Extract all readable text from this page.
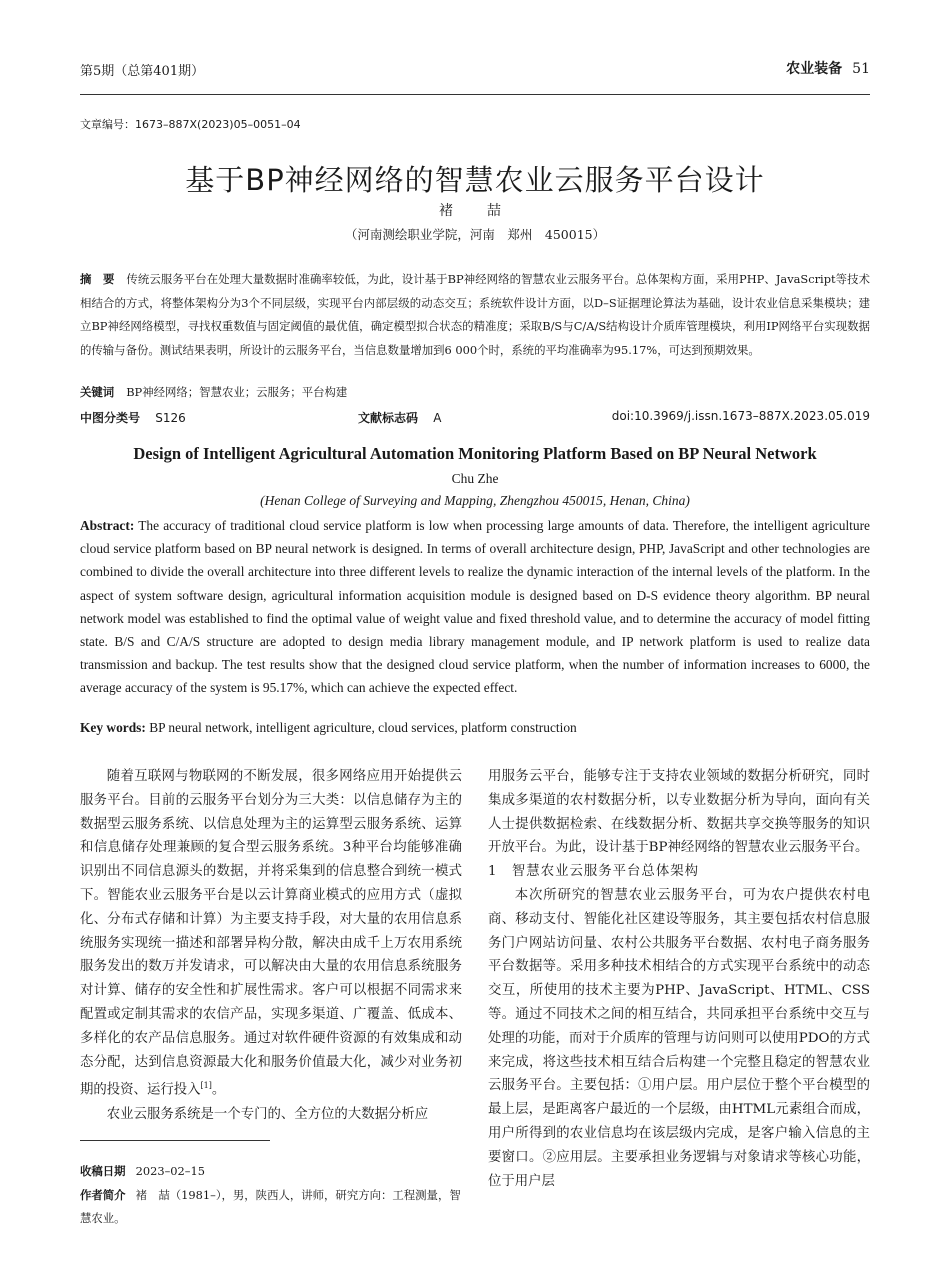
第5期（总第401期）	农业装备 51
文章编号：1673–887X(2023)05–0051–04
基于BP神经网络的智慧农业云服务平台设计
褚　喆
（河南测绘职业学院，河南　郑州　450015）
摘　要 传统云服务平台在处理大量数据时准确率较低，为此，设计基于BP神经网络的智慧农业云服务平台。总体架构方面，采用PHP、JavaScript等技术相结合的方式，将整体架构分为3个不同层级，实现平台内部层级的动态交互；系统软件设计方面，以D–S证据理论算法为基础，设计农业信息采集模块；建立BP神经网络模型，寻找权重数值与固定阈值的最优值，确定模型拟合状态的精准度；采取B/S与C/A/S结构设计介质库管理模块，利用IP网络平台实现数据的传输与备份。测试结果表明，所设计的云服务平台，当信息数量增加到6 000个时，系统的平均准确率为95.17%，可达到预期效果。
关键词 BP神经网络；智慧农业；云服务；平台构建
中图分类号 S126	文献标志码 A	doi:10.3969/j.issn.1673–887X.2023.05.019
Design of Intelligent Agricultural Automation Monitoring Platform Based on BP Neural Network
Chu Zhe
(Henan College of Surveying and Mapping, Zhengzhou 450015, Henan, China)
Abstract: The accuracy of traditional cloud service platform is low when processing large amounts of data. Therefore, the intelligent agriculture cloud service platform based on BP neural network is designed. In terms of overall architecture design, PHP, JavaScript and other technologies are combined to divide the overall architecture into three different levels to realize the dynamic interaction of the internal levels of the platform. In the aspect of system software design, agricultural information acquisition module is designed based on D-S evidence theory algorithm. BP neural network model was established to find the optimal value of weight value and fixed threshold value, and to determine the accuracy of model fitting state. B/S and C/A/S structure are adopted to design media library management module, and IP network platform is used to realize data transmission and backup. The test results show that the designed cloud service platform, when the number of information increases to 6000, the average accuracy of the system is 95.17%, which can achieve the expected effect.
Key words: BP neural network, intelligent agriculture, cloud services, platform construction

随着互联网与物联网的不断发展，很多网络应用开始提供云服务平台。目前的云服务平台划分为三大类：以信息储存为主的数据型云服务系统、以信息处理为主的运算型云服务系统、运算和信息储存处理兼顾的复合型云服务系统。3种平台均能够准确识别出不同信息源头的数据，并将采集到的信息整合到统一模式下。智能农业云服务平台是以云计算商业模式的应用方式（虚拟化、分布式存储和计算）为主要支持手段，对大量的农用信息系统服务实现统一描述和部署异构分散，解决由成千上万农用系统服务发出的数万并发请求，可以解决由大量的农用信息系统服务对计算、储存的安全性和扩展性需求。客户可以根据不同需求来配置或定制其需求的农信产品，实现多渠道、广覆盖、低成本、多样化的农产品信息服务。通过对软件硬件资源的有效集成和动态分配，达到信息资源最大化和服务价值最大化，减少对业务初期的投资、运行投入[1]。

农业云服务系统是一个专门的、全方位的大数据分析应

用服务云平台，能够专注于支持农业领域的数据分析研究，同时集成多渠道的农村数据分析，以专业数据分析为导向，面向有关人士提供数据检索、在线数据分析、数据共享交换等服务的知识开放平台。为此，设计基于BP神经网络的智慧农业云服务平台。

1　智慧农业云服务平台总体架构

本次所研究的智慧农业云服务平台，可为农户提供农村电商、移动支付、智能化社区建设等服务，其主要包括农村信息服务门户网站访问量、农村公共服务平台数据、农村电子商务服务平台数据等。采用多种技术相结合的方式实现平台系统中的动态交互，所使用的技术主要为PHP、JavaScript、HTML、CSS等。通过不同技术之间的相互结合，共同承担平台系统中交互与处理的功能，而对于介质库的管理与访问则可以使用PDO的方式来完成，将这些技术相互结合后构建一个完整且稳定的智慧农业云服务平台。主要包括：①用户层。用户层位于整个平台模型的最上层，是距离客户最近的一个层级，由HTML元素组合而成，用户所得到的农业信息均在该层级内完成，是客户输入信息的主要窗口。②应用层。主要承担业务逻辑与对象请求等核心功能，位于用户层

收稿日期 2023–02–15
作者简介 褚　喆（1981–），男，陕西人，讲师，研究方向：工程测量，智慧农业。
